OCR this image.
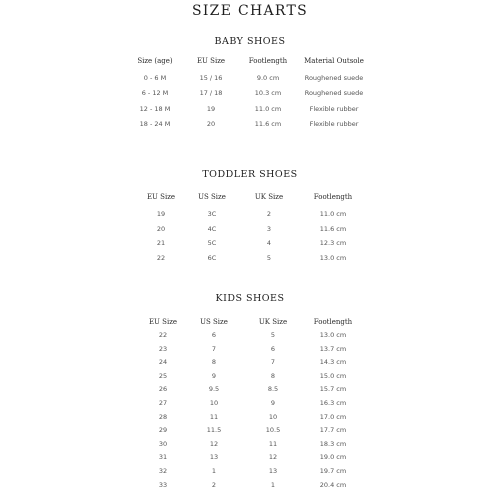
SIZE CHARTS
BABY SHOES
Size (age)	EU Size	Footlength	Material Outsole
0 - 6 M	15 / 16	9.0 cm	Roughened suede
6 - 12 M	17 / 18	10.3 cm	Roughened suede
12 - 18 M	19	11.0 cm	Flexible rubber
18 - 24 M	20	11.6 cm	Flexible rubber
TODDLER SHOES
EU Size	US Size	UK Size	Footlength
19	3C	2	11.0 cm
20	4C	3	11.6 cm
21	5C	4	12.3 cm
22	6C	5	13.0 cm
KIDS SHOES
EU Size	US Size	UK Size	Footlength
22	6	5	13.0 cm
23	7	6	13.7 cm
24	8	7	14.3 cm
25	9	8	15.0 cm
26	9.5	8.5	15.7 cm
27	10	9	16.3 cm
28	11	10	17.0 cm
29	11.5	10.5	17.7 cm
30	12	11	18.3 cm
31	13	12	19.0 cm
32	1	13	19.7 cm
33	2	1	20.4 cm
